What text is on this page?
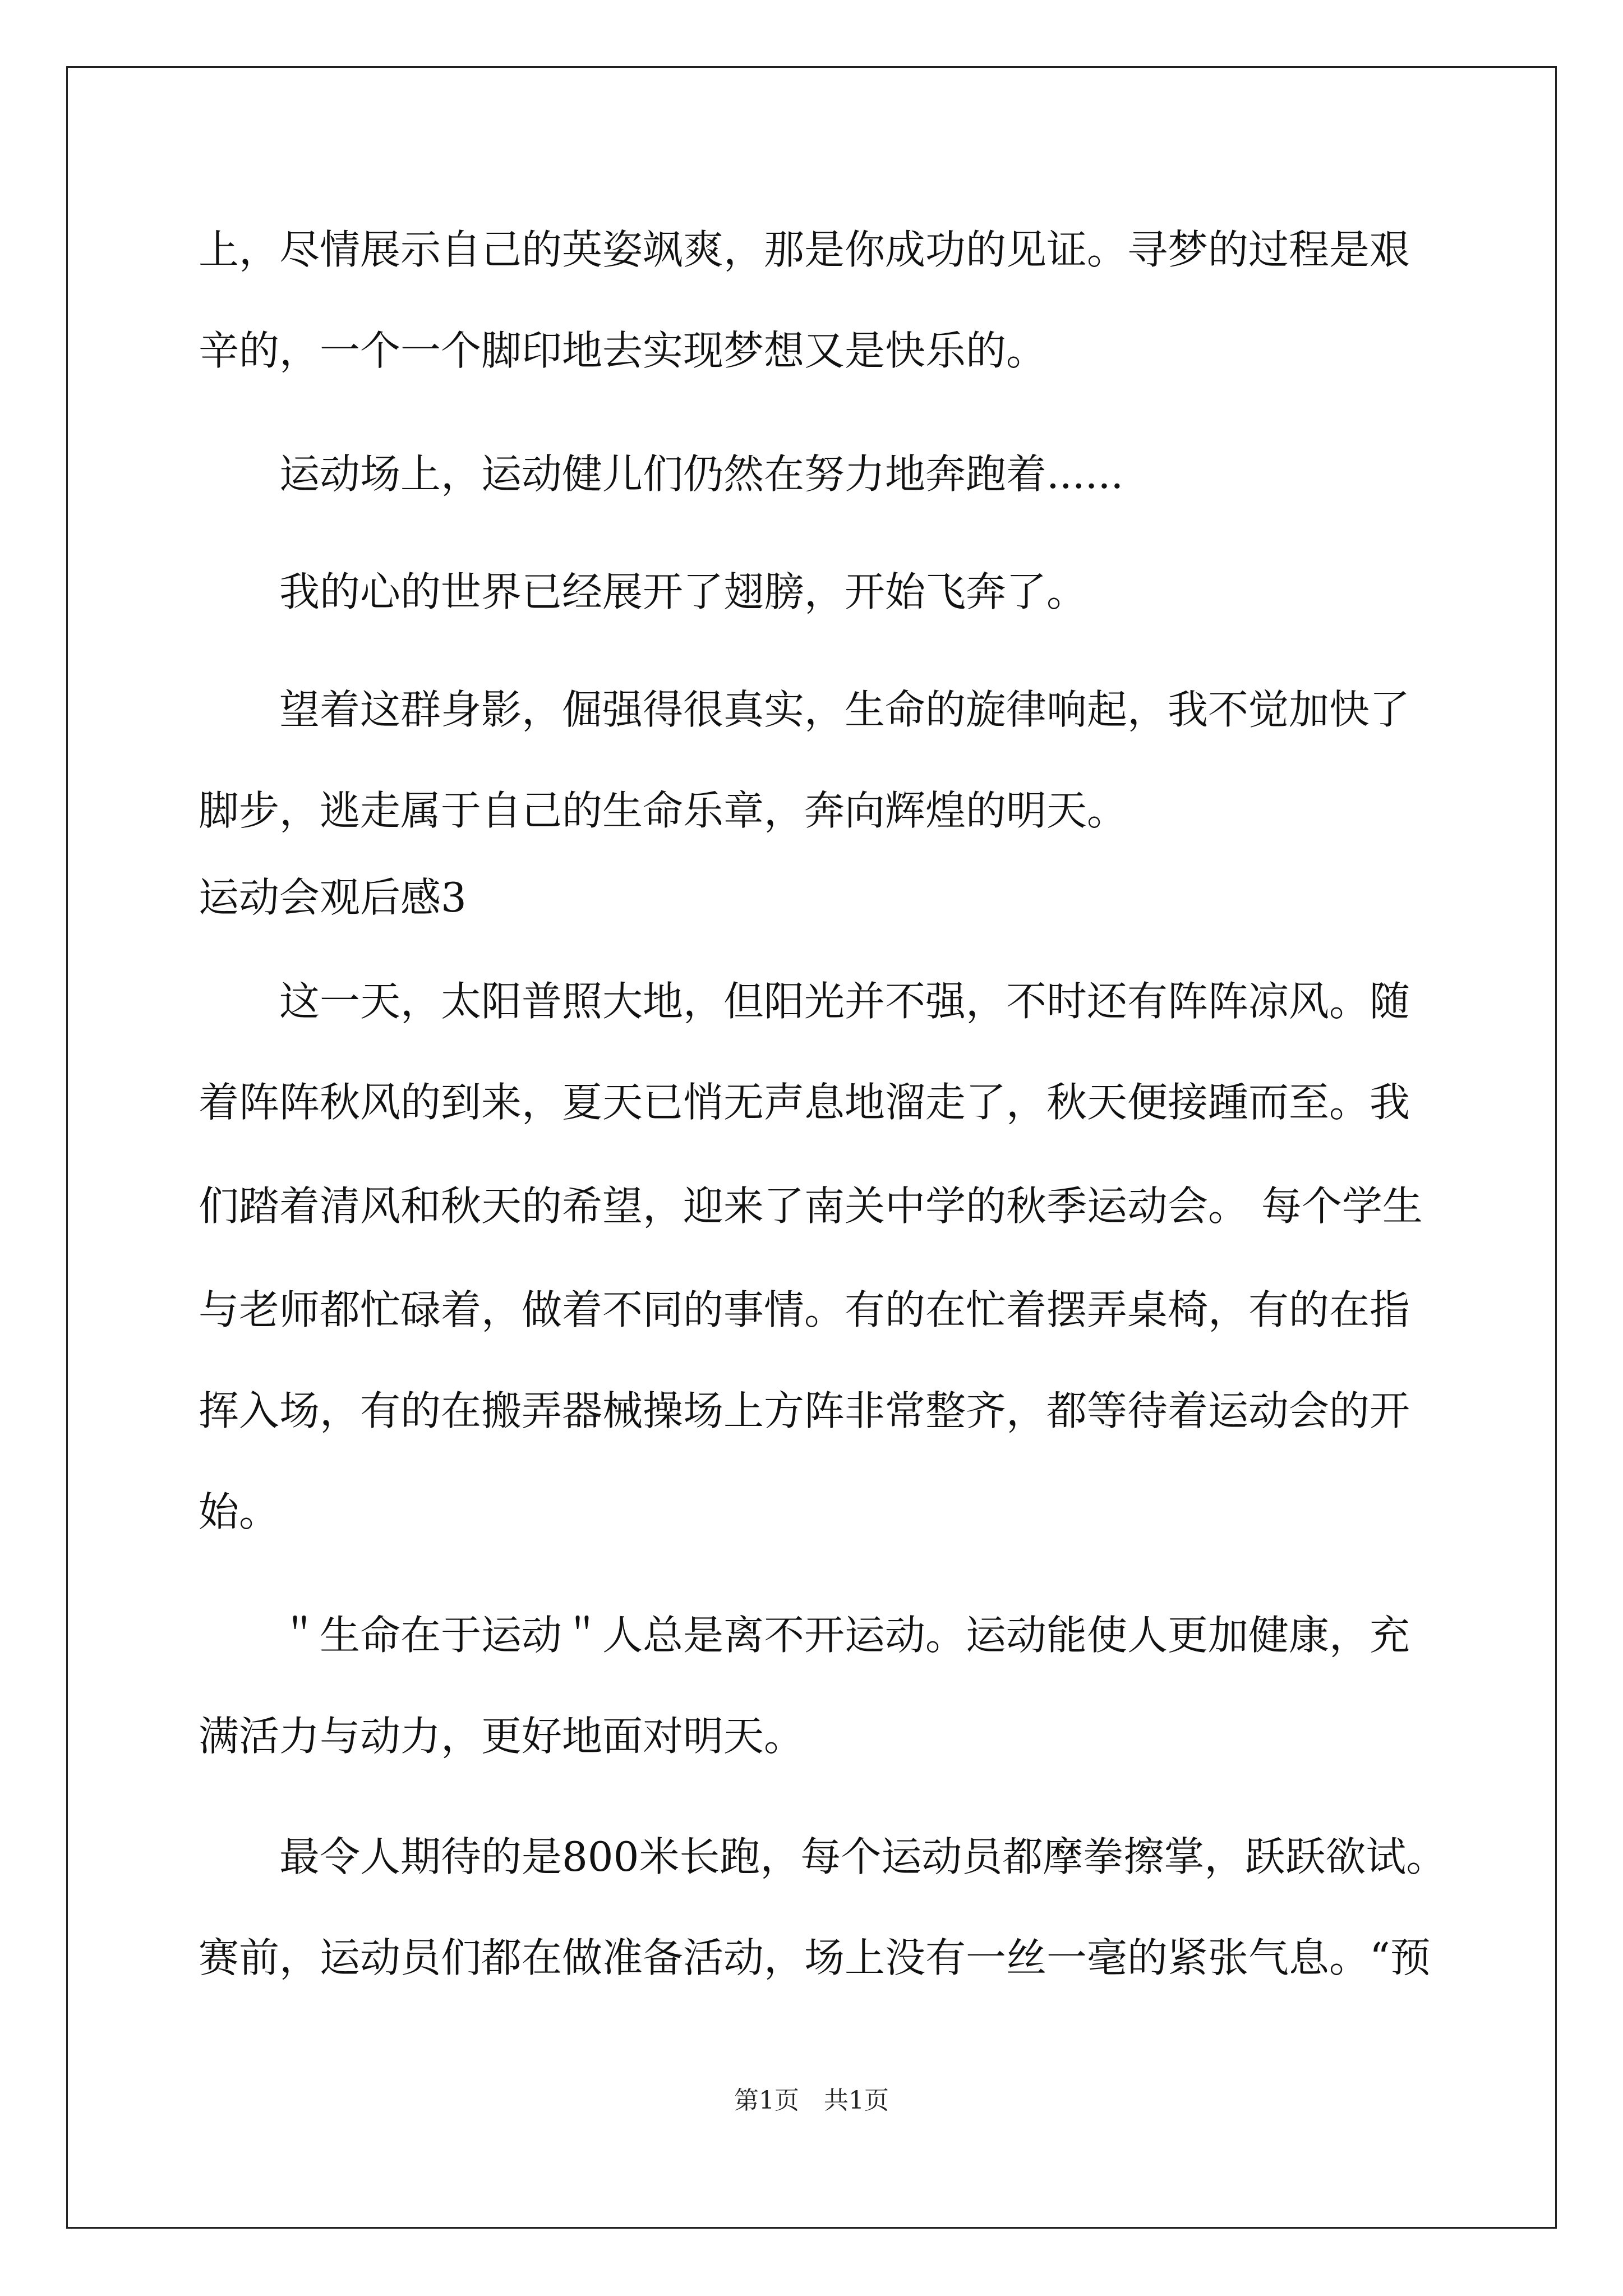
上，尽情展示自己的英姿飒爽，那是你成功的见证。寻梦的过程是艰

辛的，一个一个脚印地去实现梦想又是快乐的。

运动场上，运动健儿们仍然在努力地奔跑着......

我的心的世界已经展开了翅膀，开始飞奔了。

望着这群身影，倔强得很真实，生命的旋律响起，我不觉加快了

脚步，逃走属于自己的生命乐章，奔向辉煌的明天。

运动会观后感3

这一天，太阳普照大地，但阳光并不强，不时还有阵阵凉风。随

着阵阵秋风的到来，夏天已悄无声息地溜走了，秋天便接踵而至。我

们踏着清风和秋天的希望，迎来了南关中学的秋季运动会。 每个学生

与老师都忙碌着，做着不同的事情。有的在忙着摆弄桌椅，有的在指

挥入场，有的在搬弄器械操场上方阵非常整齐，都等待着运动会的开

始。

＂生命在于运动＂人总是离不开运动。运动能使人更加健康，充

满活力与动力，更好地面对明天。

最令人期待的是800米长跑，每个运动员都摩拳擦掌，跃跃欲试。

赛前，运动员们都在做准备活动，场上没有一丝一毫的紧张气息。“预

第1页　共1页
